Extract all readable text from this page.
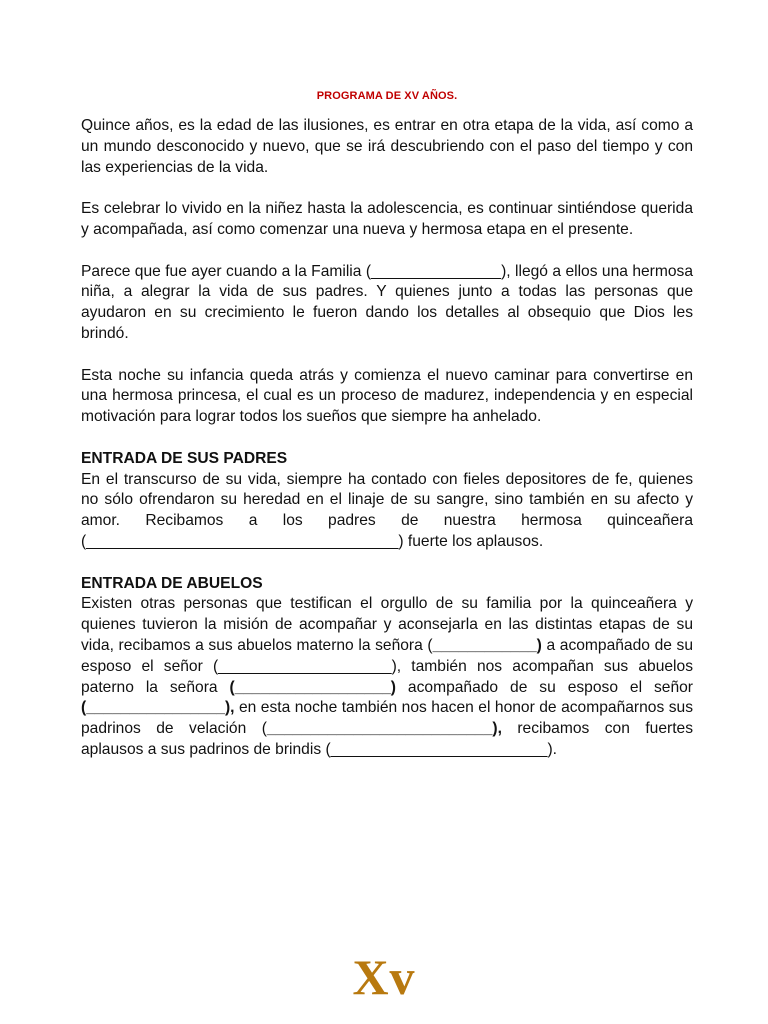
PROGRAMA DE XV AÑOS.

Quince años, es la edad de las ilusiones, es entrar en otra etapa de la vida, así como a un mundo desconocido y nuevo, que se irá descubriendo con el paso del tiempo y con las experiencias de la vida.

Es celebrar lo vivido en la niñez hasta la adolescencia, es continuar sintiéndose querida y acompañada, así como comenzar una nueva y hermosa etapa en el presente.

Parece que fue ayer cuando a la Familia (_______________), llegó a ellos una hermosa niña, a alegrar la vida de sus padres. Y quienes junto a todas las personas que ayudaron en su crecimiento le fueron dando los detalles al obsequio que Dios les brindó.

Esta noche su infancia queda atrás y comienza el nuevo caminar para convertirse en una hermosa princesa, el cual es un proceso de madurez, independencia y en especial motivación para lograr todos los sueños que siempre ha anhelado.

ENTRADA DE SUS PADRES

En el transcurso de su vida, siempre ha contado con fieles depositores de fe, quienes no sólo ofrendaron su heredad en el linaje de su sangre, sino también en su afecto y amor. Recibamos a los padres de nuestra hermosa quinceañera (____________________________________) fuerte los aplausos.

ENTRADA DE ABUELOS

Existen otras personas que testifican el orgullo de su familia por la quinceañera y quienes tuvieron la misión de acompañar y aconsejarla en las distintas etapas de su vida, recibamos a sus abuelos materno la señora (____________) a acompañado de su esposo el señor (____________________), también nos acompañan sus abuelos paterno la señora (__________________) acompañado de su esposo el señor (________________), en esta noche también nos hacen el honor de acompañarnos sus padrinos de velación (__________________________), recibamos con fuertes aplausos a sus padrinos de brindis (_________________________).

Xv
